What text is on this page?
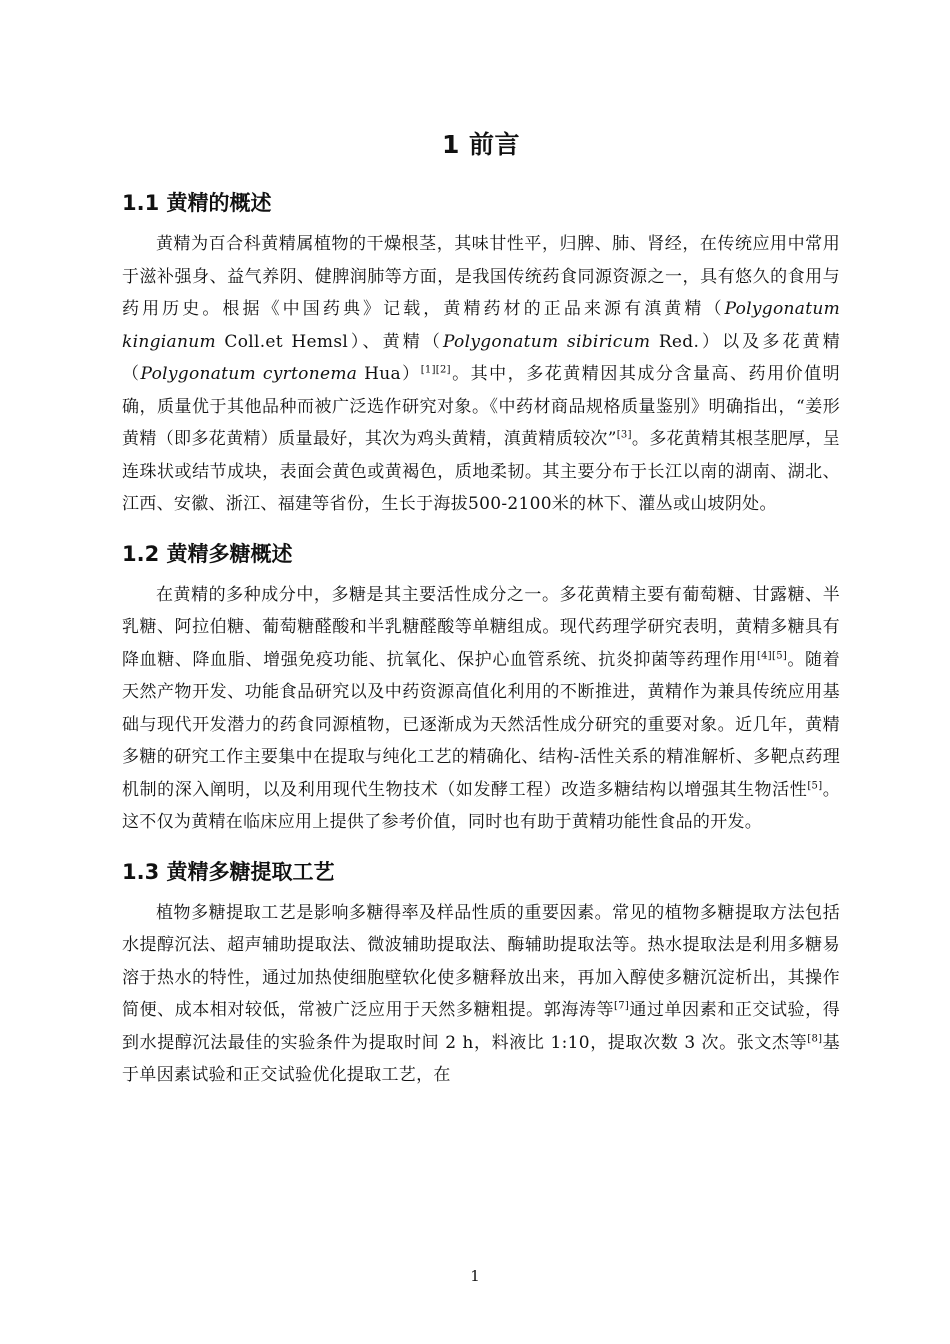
1 前言
1.1 黄精的概述

黄精为百合科黄精属植物的干燥根茎，其味甘性平，归脾、肺、肾经，在传统应用中常用于滋补强身、益气养阴、健脾润肺等方面，是我国传统药食同源资源之一，具有悠久的食用与药用历史。根据《中国药典》记载，黄精药材的正品来源有滇黄精（Polygonatum kingianum Coll.et Hemsl）、黄精（Polygonatum sibiricum Red.）以及多花黄精（Polygonatum cyrtonema Hua）[1][2]。其中，多花黄精因其成分含量高、药用价值明确，质量优于其他品种而被广泛选作研究对象。《中药材商品规格质量鉴别》明确指出，“姜形黄精（即多花黄精）质量最好，其次为鸡头黄精，滇黄精质较次”[3]。多花黄精其根茎肥厚，呈连珠状或结节成块，表面会黄色或黄褐色，质地柔韧。其主要分布于长江以南的湖南、湖北、江西、安徽、浙江、福建等省份，生长于海拔500-2100米的林下、灌丛或山坡阴处。

1.2 黄精多糖概述

在黄精的多种成分中，多糖是其主要活性成分之一。多花黄精主要有葡萄糖、甘露糖、半乳糖、阿拉伯糖、葡萄糖醛酸和半乳糖醛酸等单糖组成。现代药理学研究表明，黄精多糖具有降血糖、降血脂、增强免疫功能、抗氧化、保护心血管系统、抗炎抑菌等药理作用[4][5]。随着天然产物开发、功能食品研究以及中药资源高值化利用的不断推进，黄精作为兼具传统应用基础与现代开发潜力的药食同源植物，已逐渐成为天然活性成分研究的重要对象。近几年，黄精多糖的研究工作主要集中在提取与纯化工艺的精确化、结构-活性关系的精准解析、多靶点药理机制的深入阐明，以及利用现代生物技术（如发酵工程）改造多糖结构以增强其生物活性[5]。这不仅为黄精在临床应用上提供了参考价值，同时也有助于黄精功能性食品的开发。

1.3 黄精多糖提取工艺

植物多糖提取工艺是影响多糖得率及样品性质的重要因素。常见的植物多糖提取方法包括水提醇沉法、超声辅助提取法、微波辅助提取法、酶辅助提取法等。热水提取法是利用多糖易溶于热水的特性，通过加热使细胞壁软化使多糖释放出来，再加入醇使多糖沉淀析出，其操作简便、成本相对较低，常被广泛应用于天然多糖粗提。郭海涛等[7]通过单因素和正交试验，得到水提醇沉法最佳的实验条件为提取时间 2 h，料液比 1:10，提取次数 3 次。张文杰等[8]基于单因素试验和正交试验优化提取工艺，在

1
